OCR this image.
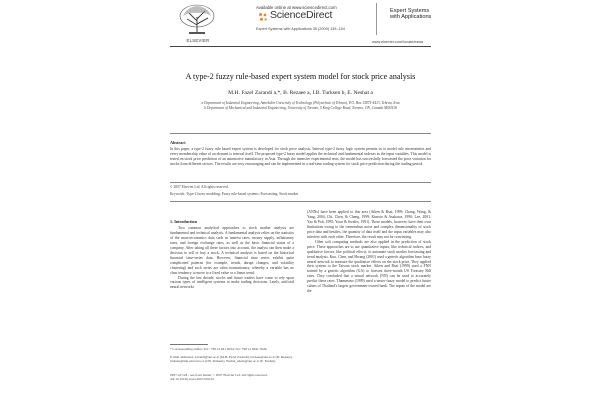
ELSEVIER
Available online at www.sciencedirect.com
ScienceDirect
Expert Systems with Applications 36 (2009) 139–154
Expert Systems
with Applications
www.elsevier.com/locate/eswa
A type-2 fuzzy rule-based expert system model for stock price analysis
M.H. Fazel Zarandi a,*, B. Rezaee a, I.B. Turksen b, E. Neshat a
a Department of Industrial Engineering, Amirkabir University of Technology (Polytechnic of Tehran), P.O. Box 15875-4413, Tehran, Iran
b Department of Mechanical and Industrial Engineering, University of Toronto, 5 King College Road, Toronto, ON, Canada M5S3G8
Abstract
In this paper, a type-2 fuzzy rule based expert system is developed for stock price analysis. Interval type-2 fuzzy logic system permits us to model rule uncertainties and every membership value of an element is interval itself. The proposed type-2 fuzzy model applies the technical and fundamental indexes as the input variables. This model is tested on stock price prediction of an automotive manufactory in Asia. Through the intensive experimental tests, the model has successfully forecasted the price variation for stocks from different sectors. The results are very encouraging and can be implemented in a real-time trading system for stock price prediction during the trading period.
© 2007 Elsevier Ltd. All rights reserved.
Keywords: Type-2 fuzzy modeling; Fuzzy rule-based systems; Forecasting; Stock market
1. Introduction

Two common analytical approaches to stock market analysis are fundamental and technical analysis. A fundamental analysis relies on the statistics of the macroeconomics data such as interest rates, money supply, inflationary rates, and foreign exchange rates, as well as the basic financial status of a company. After taking all these factors into account, the analyst can then make a decision to sell or buy a stock. A technical analysis is based on the historical financial time-series data. However, financial time series exhibit quite complicated patterns (for example, trends, abrupt changes, and volatility clustering) and such series are often nonstationary, whereby a variable has no clear tendency to move to a fixed value or a linear trend.

During the last decade, stocks and future traders have come to rely upon various types of intelligent systems to make trading decisions. Lately, artificial neural networks

(ANNs) have been applied to this area (Aiken & Bsat, 1999; Chang, Wang, & Yang, 2004; Chi, Chen, & Cheng, 1999; Kimoto & Asakawa, 1990; Lee, 2001; Yao & Poh, 1995; Yoon & Swales, 1991). These models, however, have their own limitations owing to the tremendous noise and complex dimensionality of stock price data and besides, the quantity of data itself and the input variables may also interfere with each other. Therefore, the result may not be convincing.

Other soft computing methods are also applied in the prediction of stock price. These approaches are to use quantitative inputs, like technical indices, and qualitative factors, like political effects, to automate stock market forecasting and trend analysis. Kuo, Chen, and Hwang (2001) used a genetic algorithm base fuzzy neural network to measure the qualitative effects on the stock price. They applied their system to the Taiwan stock market. Aiken and Bsat (1999) used a FNN trained by a genetic algorithm (GA) to forecast three-month US Treasury Bill rates. They concluded that a neural network (NN) can be used to accurately predict these rates. Thammano (1999) used a neuro-fuzzy model to predict future values of Thailand's largest government-owned bank. The inputs of the model are the

* Corresponding author. Tel.: +98 21 641 9034; fax: +98 21 6641 5026.
E-mail addresses: zarandi@aut.ac.ir (M.H. Fazel Zarandi), brezaee@aut.ac.ir (B. Rezaee), turksen@mie.utoronto.ca (I.B. Turksen), Neshat_ehsan@aut.ac.ir (E. Neshat).
0957-4174/$ - see front matter © 2007 Elsevier Ltd. All rights reserved.
doi:10.1016/j.eswa.2007.09.034
